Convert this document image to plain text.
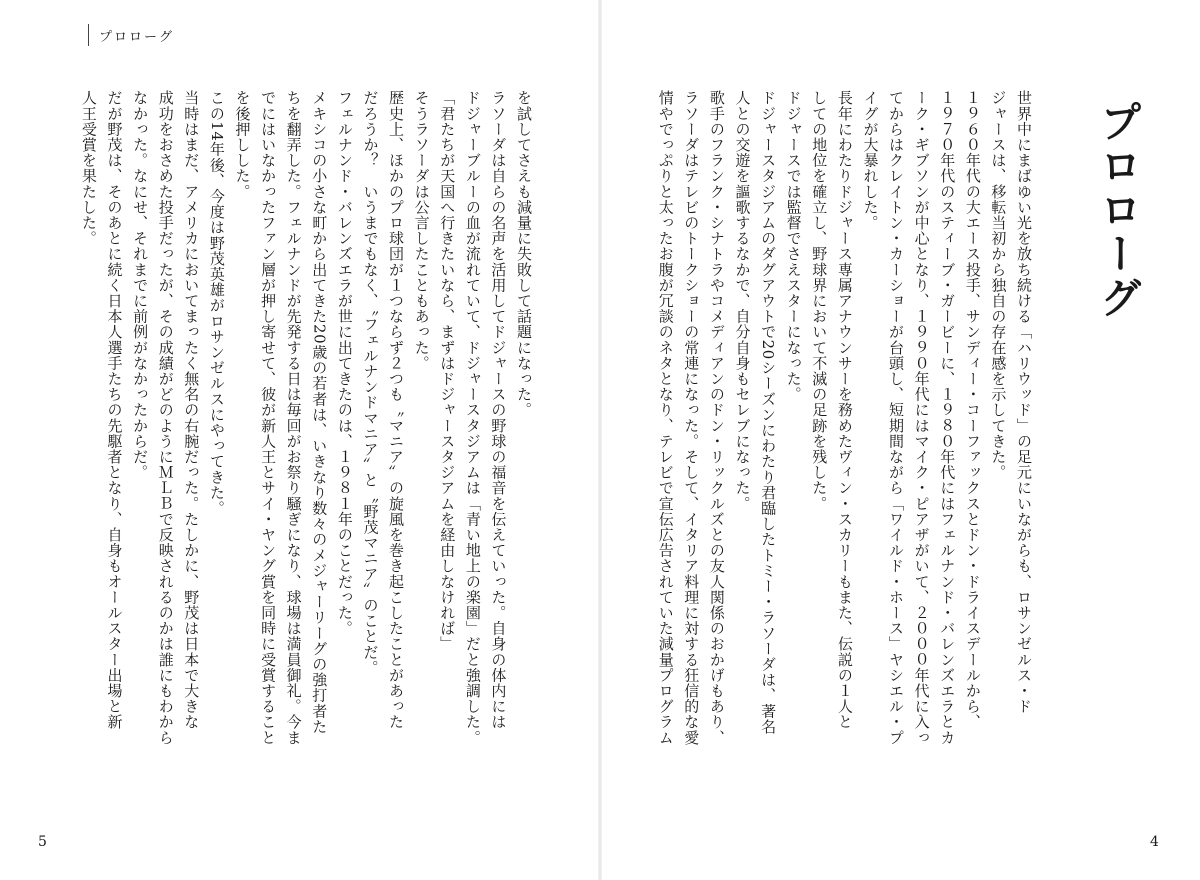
プロローグ
を試してさえも減量に失敗して話題になった。
ラソーダは自らの名声を活用してドジャースの野球の福音を伝えていった。自身の体内には
ドジャーブルーの血が流れていて、ドジャースタジアムは「青い地上の楽園」だと強調した。
「君たちが天国へ行きたいなら、まずはドジャースタジアムを経由しなければ」
そうラソーダは公言したこともあった。
歴史上、ほかのプロ球団が１つならず２つも〝マニア〟の旋風を巻き起こしたことがあった
だろうか？　いうまでもなく、〝フェルナンドマニア〟と〝野茂マニア〟のことだ。
フェルナンド・バレンズエラが世に出てきたのは、１９８１年のことだった。
メキシコの小さな町から出てきた20歳の若者は、いきなり数々のメジャーリーグの強打者た
ちを翻弄した。フェルナンドが先発する日は毎回がお祭り騒ぎになり、球場は満員御礼。今ま
でにはいなかったファン層が押し寄せて、彼が新人王とサイ・ヤング賞を同時に受賞すること
を後押しした。
この14年後、今度は野茂英雄がロサンゼルスにやってきた。
当時はまだ、アメリカにおいてまったく無名の右腕だった。たしかに、野茂は日本で大きな
成功をおさめた投手だったが、その成績がどのようにＭＬＢで反映されるのかは誰にもわから
なかった。なにせ、それまでに前例がなかったからだ。
だが野茂は、そのあとに続く日本人選手たちの先駆者となり、自身もオールスター出場と新
人王受賞を果たした。
5
プロローグ
世界中にまばゆい光を放ち続ける「ハリウッド」の足元にいながらも、ロサンゼルス・ド
ジャースは、移転当初から独自の存在感を示してきた。
１９６０年代の大エース投手、サンディー・コーファックスとドン・ドライスデールから、
１９７０年代のスティーブ・ガービーに、１９８０年代にはフェルナンド・バレンズエラとカ
ーク・ギブソンが中心となり、１９９０年代にはマイク・ピアザがいて、２０００年代に入っ
てからはクレイトン・カーショーが台頭し、短期間ながら「ワイルド・ホース」ヤシエル・プ
イグが大暴れした。
長年にわたりドジャース専属アナウンサーを務めたヴィン・スカリーもまた、伝説の１人と
しての地位を確立し、野球界において不滅の足跡を残した。
ドジャースでは監督でさえスターになった。
ドジャースタジアムのダグアウトで20シーズンにわたり君臨したトミー・ラソーダは、著名
人との交遊を謳歌するなかで、自分自身もセレブになった。
歌手のフランク・シナトラやコメディアンのドン・リックルズとの友人関係のおかげもあり、
ラソーダはテレビのトークショーの常連になった。そして、イタリア料理に対する狂信的な愛
情やでっぷりと太ったお腹が冗談のネタとなり、テレビで宣伝広告されていた減量プログラム
4
